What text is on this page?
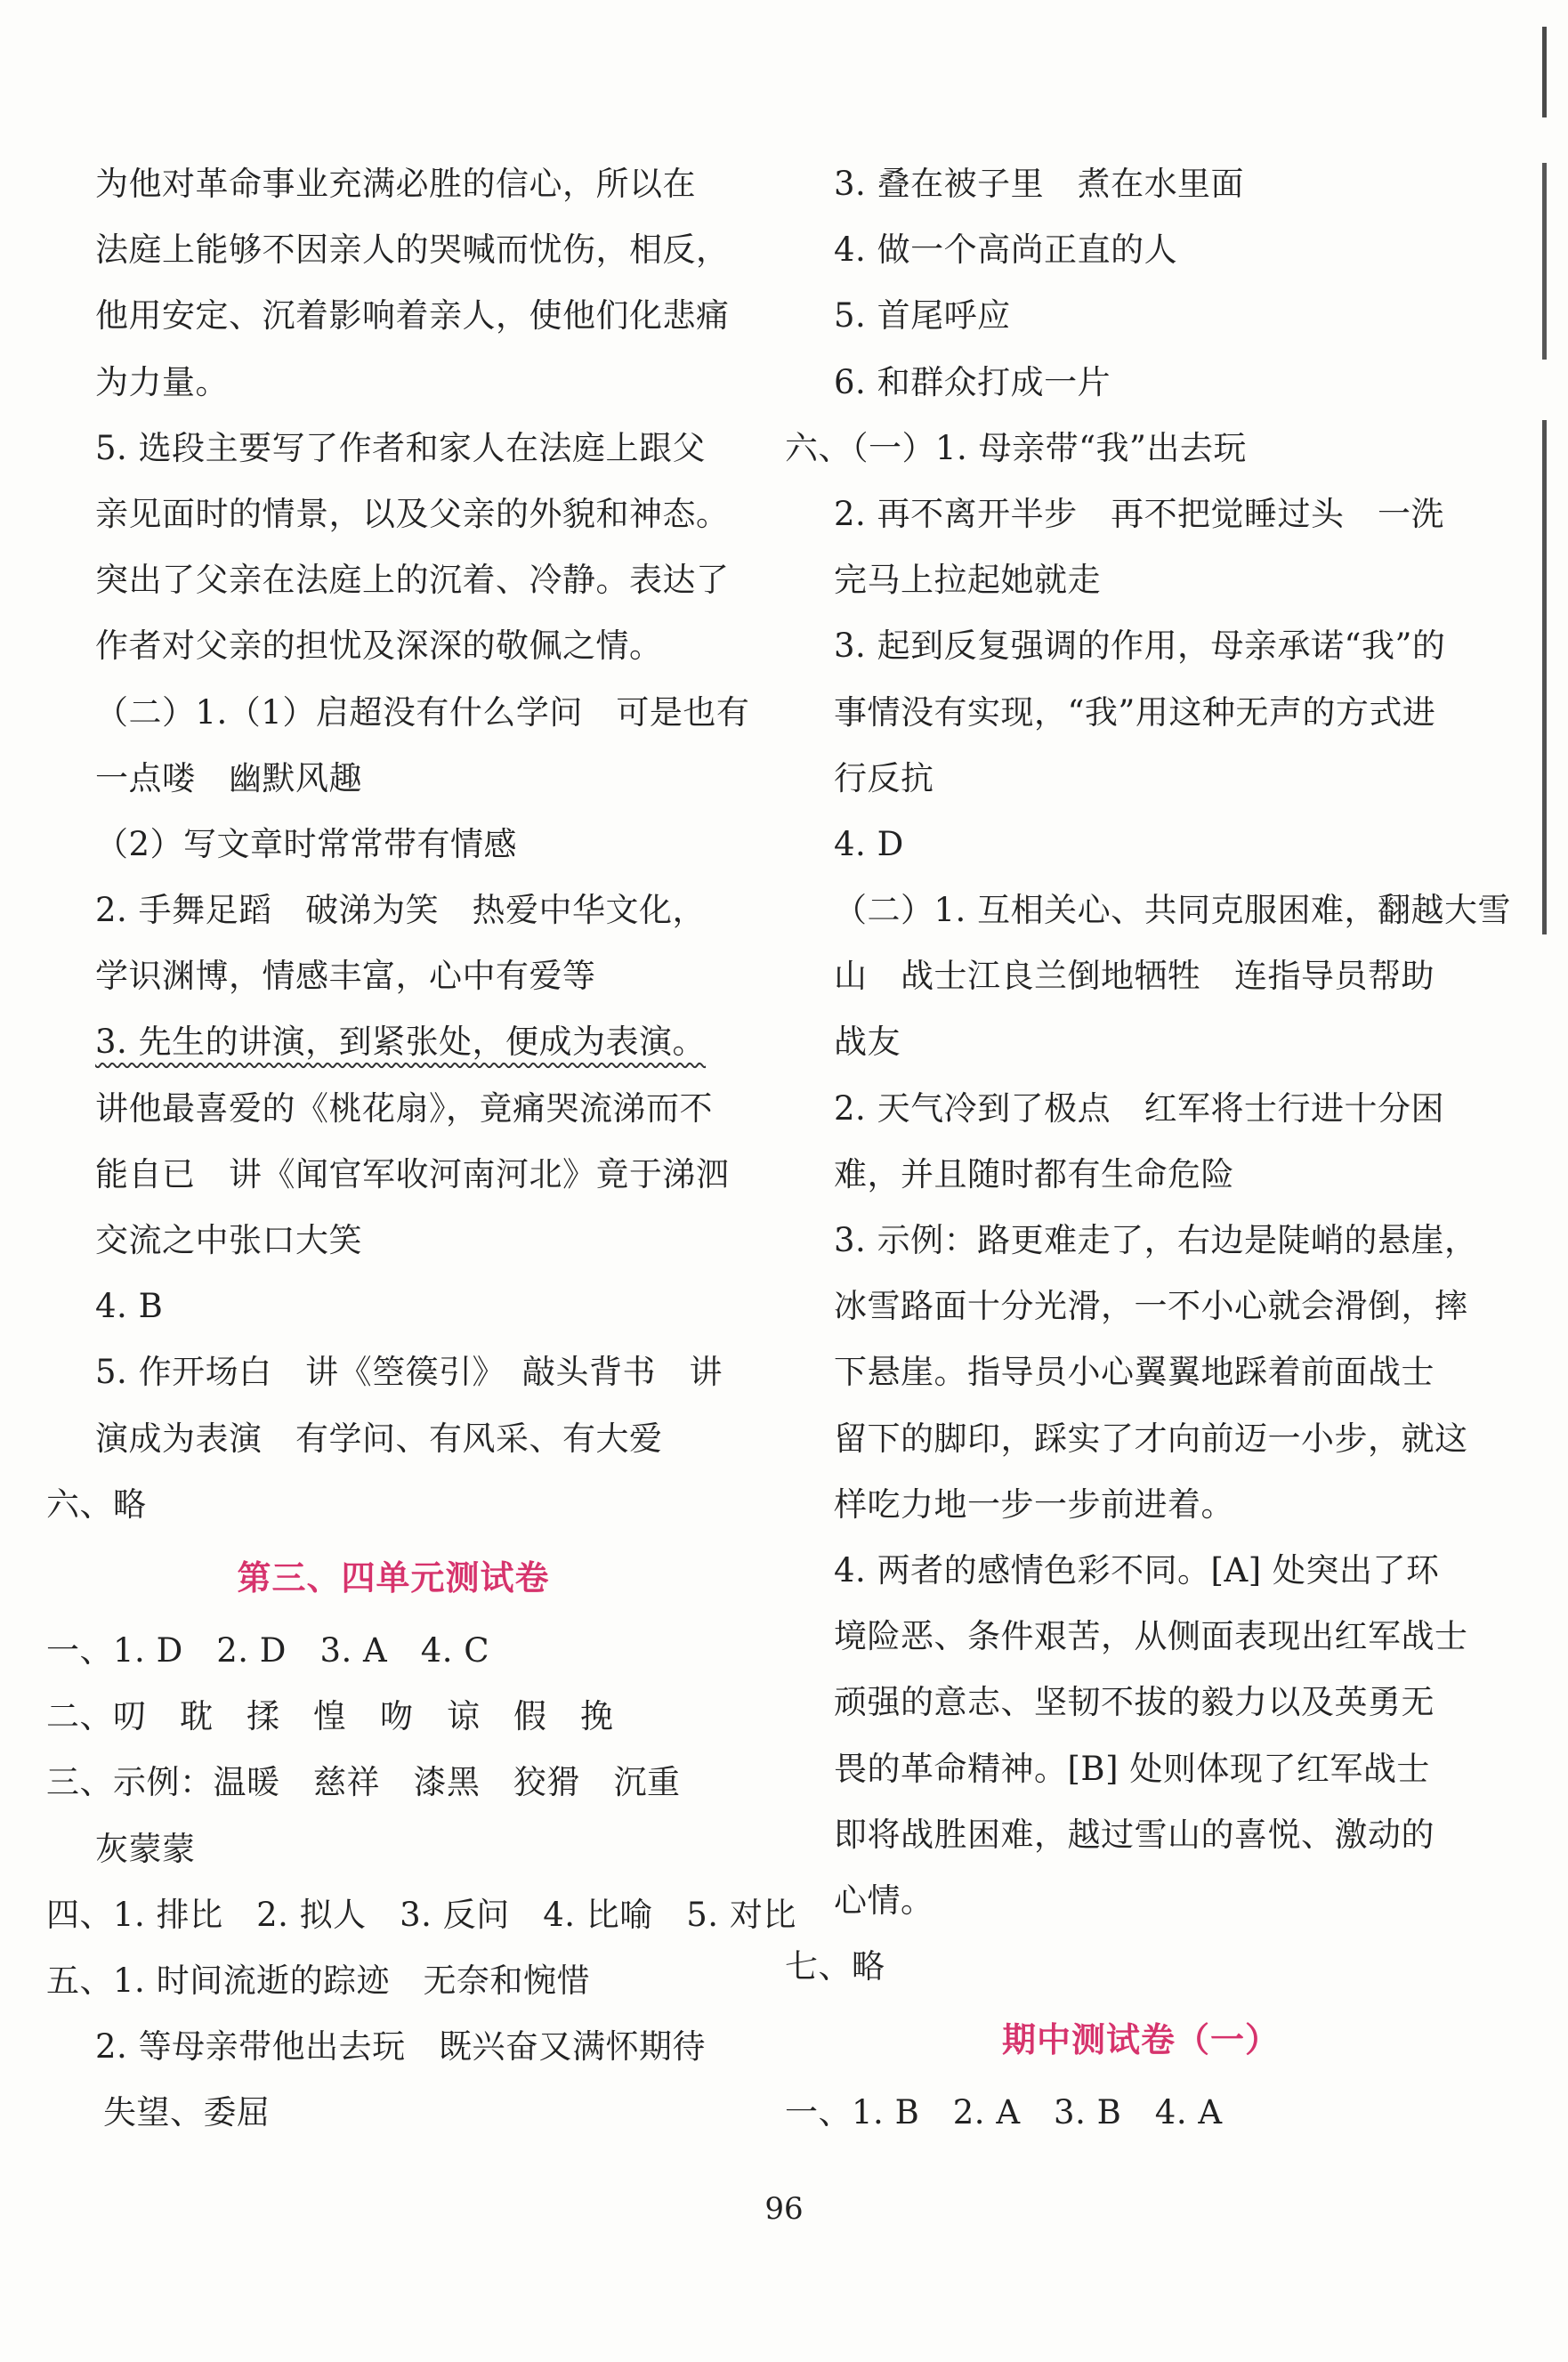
为他对革命事业充满必胜的信心，所以在
法庭上能够不因亲人的哭喊而忧伤，相反，
他用安定、沉着影响着亲人，使他们化悲痛
为力量。
5. 选段主要写了作者和家人在法庭上跟父
亲见面时的情景，以及父亲的外貌和神态。
突出了父亲在法庭上的沉着、冷静。表达了
作者对父亲的担忧及深深的敬佩之情。
（二）1.（1）启超没有什么学问　可是也有
一点喽　幽默风趣
（2）写文章时常常带有情感
2. 手舞足蹈　破涕为笑　热爱中华文化，
学识渊博，情感丰富，心中有爱等
3. 先生的讲演，到紧张处，便成为表演。
讲他最喜爱的《桃花扇》，竟痛哭流涕而不
能自已　讲《闻官军收河南河北》竟于涕泗
交流之中张口大笑
4. B
5. 作开场白　讲《箜篌引》　敲头背书　讲
演成为表演　有学问、有风采、有大爱
六、略
第三、四单元测试卷
一、1. D　2. D　3. A　4. C
二、叨　耽　揉　惶　吻　谅　假　挽
三、示例：温暖　慈祥　漆黑　狡猾　沉重
灰蒙蒙
四、1. 排比　2. 拟人　3. 反问　4. 比喻　5. 对比
五、1. 时间流逝的踪迹　无奈和惋惜
2. 等母亲带他出去玩　既兴奋又满怀期待
失望、委屈
3. 叠在被子里　煮在水里面
4. 做一个高尚正直的人
5. 首尾呼应
6. 和群众打成一片
六、（一）1. 母亲带“我”出去玩
2. 再不离开半步　再不把觉睡过头　一洗
完马上拉起她就走
3. 起到反复强调的作用，母亲承诺“我”的
事情没有实现，“我”用这种无声的方式进
行反抗
4. D
（二）1. 互相关心、共同克服困难，翻越大雪
山　战士江良兰倒地牺牲　连指导员帮助
战友
2. 天气冷到了极点　红军将士行进十分困
难，并且随时都有生命危险
3. 示例：路更难走了，右边是陡峭的悬崖，
冰雪路面十分光滑，一不小心就会滑倒，摔
下悬崖。指导员小心翼翼地踩着前面战士
留下的脚印，踩实了才向前迈一小步，就这
样吃力地一步一步前进着。
4. 两者的感情色彩不同。[A] 处突出了环
境险恶、条件艰苦，从侧面表现出红军战士
顽强的意志、坚韧不拔的毅力以及英勇无
畏的革命精神。[B] 处则体现了红军战士
即将战胜困难，越过雪山的喜悦、激动的
心情。
七、略
期中测试卷（一）
一、1. B　2. A　3. B　4. A
96
